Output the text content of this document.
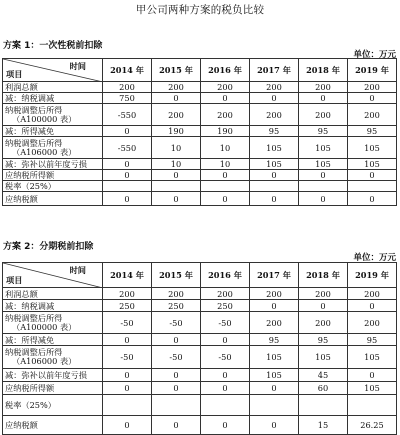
甲公司两种方案的税负比较
方案 1：一次性税前扣除
单位：万元
时间
项目	2014 年	2015 年	2016 年	2017 年	2018 年	2019 年

利润总额	200	200	200	200	200	200

减：纳税调减	750	0	0	0	0	0

纳税调整后所得
（A100000 表）	-550	200	200	200	200	200

减：所得减免	0	190	190	95	95	95

纳税调整后所得
（A106000 表）	-550	10	10	105	105	105

减：弥补以前年度亏损	0	10	10	105	105	105

应纳税所得额	0	0	0	0	0	0

税率（25%）						

应纳税额	0	0	0	0	0	0
方案 2：分期税前扣除
单位：万元
时间
项目	2014 年	2015 年	2016 年	2017 年	2018 年	2019 年

利润总额	200	200	200	200	200	200

减：纳税调减	250	250	250	0	0	0

纳税调整后所得
（A100000 表）	-50	-50	-50	200	200	200

减：所得减免	0	0	0	95	95	95

纳税调整后所得
（A106000 表）	-50	-50	-50	105	105	105

减：弥补以前年度亏损	0	0	0	105	45	0

应纳税所得额	0	0	0	0	60	105

税率（25%）						

应纳税额	0	0	0	0	15	26.25
